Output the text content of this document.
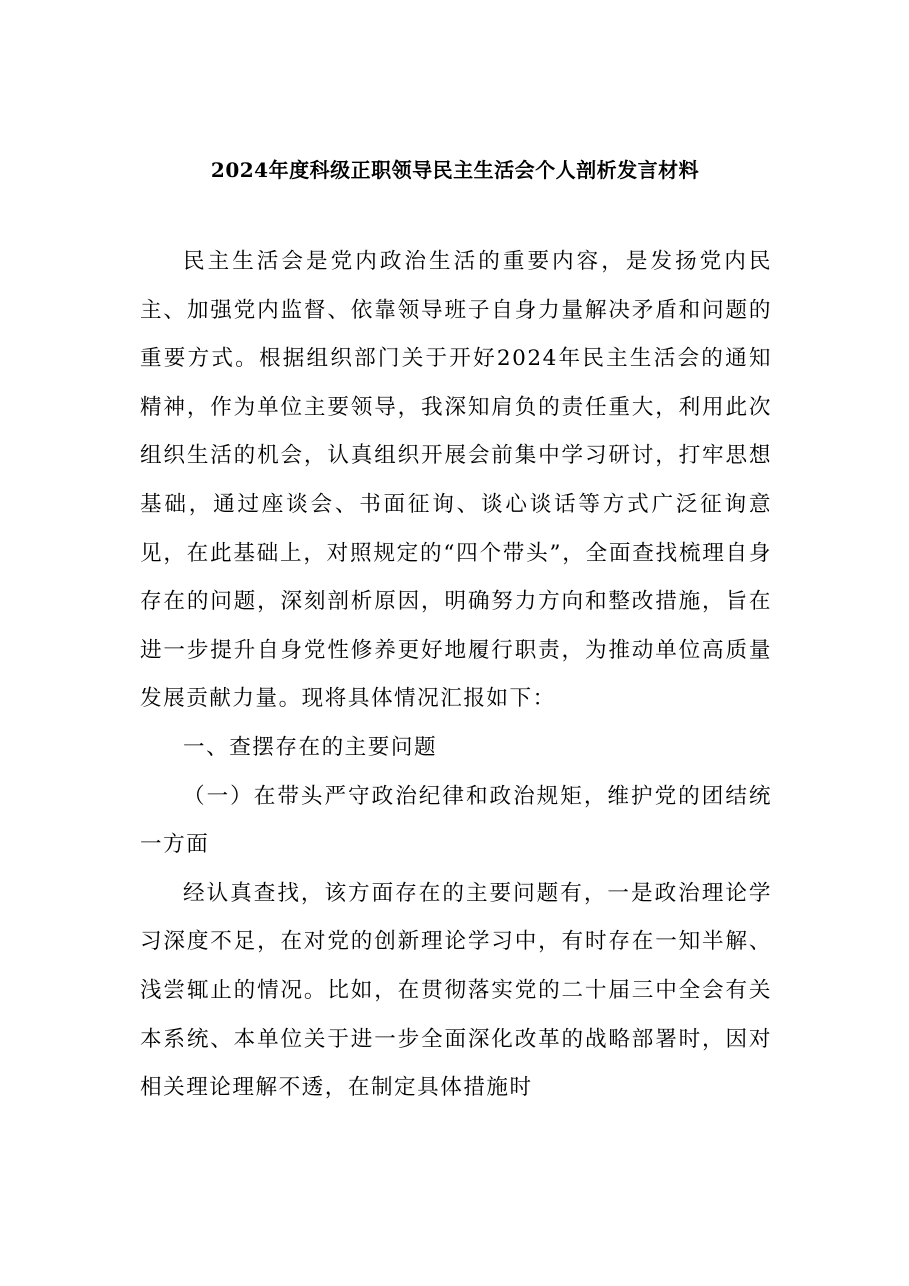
2024年度科级正职领导民主生活会个人剖析发言材料

民主生活会是党内政治生活的重要内容，是发扬党内民主、加强党内监督、依靠领导班子自身力量解决矛盾和问题的重要方式。根据组织部门关于开好2024年民主生活会的通知精神，作为单位主要领导，我深知肩负的责任重大，利用此次组织生活的机会，认真组织开展会前集中学习研讨，打牢思想基础，通过座谈会、书面征询、谈心谈话等方式广泛征询意见，在此基础上，对照规定的“四个带头”，全面查找梳理自身存在的问题，深刻剖析原因，明确努力方向和整改措施，旨在进一步提升自身党性修养更好地履行职责，为推动单位高质量发展贡献力量。现将具体情况汇报如下：

一、查摆存在的主要问题

（一）在带头严守政治纪律和政治规矩，维护党的团结统一方面

经认真查找，该方面存在的主要问题有，一是政治理论学习深度不足，在对党的创新理论学习中，有时存在一知半解、浅尝辄止的情况。比如，在贯彻落实党的二十届三中全会有关本系统、本单位关于进一步全面深化改革的战略部署时，因对相关理论理解不透，在制定具体措施时
